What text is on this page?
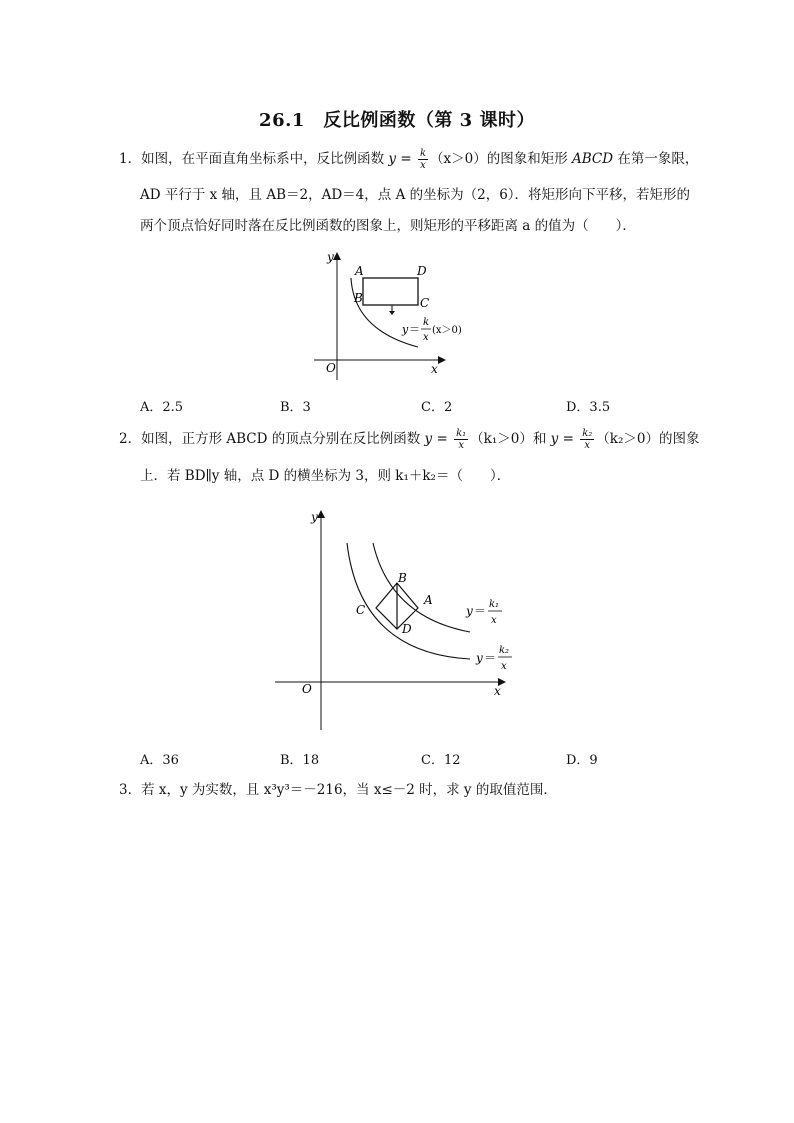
26.1　反比例函数（第 3 课时）
1．如图，在平面直角坐标系中，反比例函数 $y = \frac{k}{x} (x>0)$的图象和矩形 ABCD 在第一象限，
AD 平行于 x 轴，且 AB＝2，AD＝4，点 A 的坐标为（2，6）．将矩形向下平移，若矩形的
两个顶点恰好同时落在反比例函数的图象上，则矩形的平移距离 a 的值为（　　）．
y
x
O
A	D
B	C
y ＝
k
x
(x＞0)
A．2.5	B．3	C．2	D．3.5
2．如图，正方形 ABCD 的顶点分别在反比例函数 $y = \frac{\text{k₁}}{x} (k_1>0)$和 $y = \frac{\text{k₂}}{x} (k_2>0)$的图象
上．若 BD∥y 轴，点 D 的横坐标为 3，则 k₁＋k₂＝（　　）．
y
x
O
B
A
C
D
y ＝ k₁
x
y ＝
k₂
x
A．36	B．18	C．12	D．9
3．若 x，y 为实数，且 x³y³＝－216，当 x≤－2 时，求 y 的取值范围．
